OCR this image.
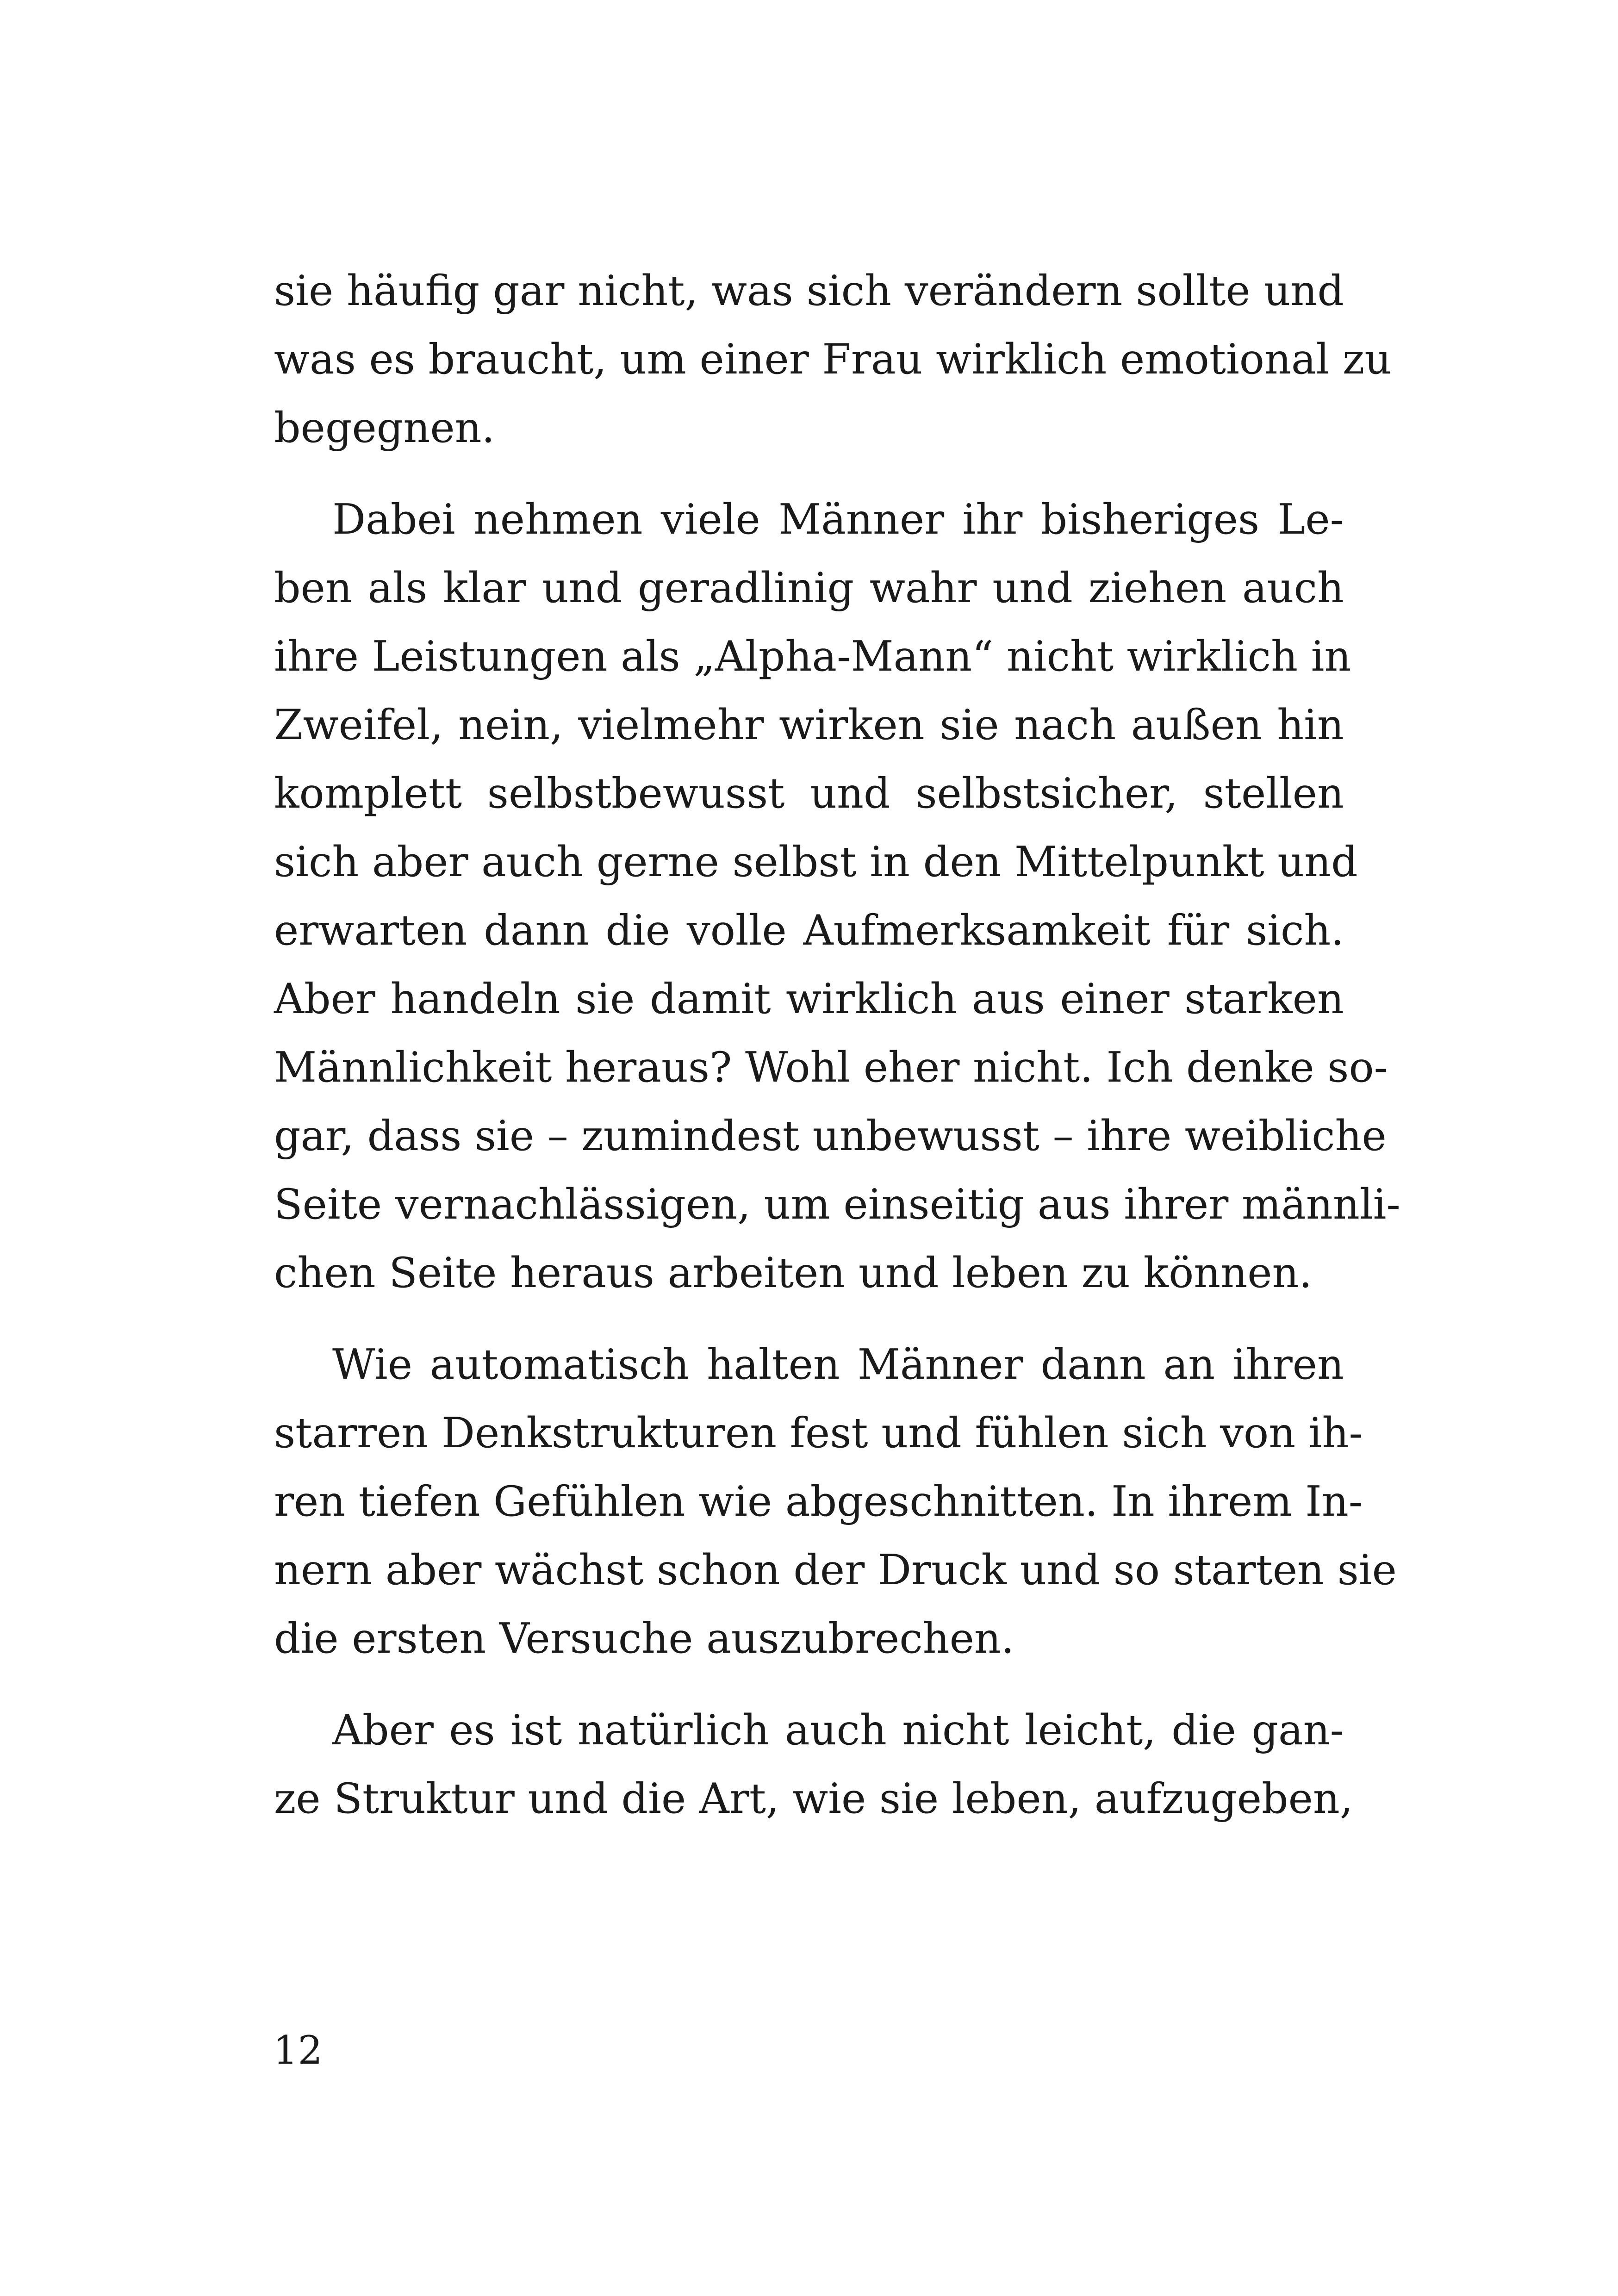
sie häufig gar nicht, was sich verändern sollte und
was es braucht, um einer Frau wirklich emotional zu
begegnen.
Dabei nehmen viele Männer ihr bisheriges Le-
ben als klar und geradlinig wahr und ziehen auch
ihre Leistungen als „Alpha-Mann“ nicht wirklich in
Zweifel, nein, vielmehr wirken sie nach außen hin
komplett selbstbewusst und selbstsicher, stellen
sich aber auch gerne selbst in den Mittelpunkt und
erwarten dann die volle Aufmerksamkeit für sich.
Aber handeln sie damit wirklich aus einer starken
Männlichkeit heraus? Wohl eher nicht. Ich denke so-
gar, dass sie – zumindest unbewusst – ihre weibliche
Seite vernachlässigen, um einseitig aus ihrer männli-
chen Seite heraus arbeiten und leben zu können.
Wie automatisch halten Männer dann an ihren
starren Denkstrukturen fest und fühlen sich von ih-
ren tiefen Gefühlen wie abgeschnitten. In ihrem In-
nern aber wächst schon der Druck und so starten sie
die ersten Versuche auszubrechen.
Aber es ist natürlich auch nicht leicht, die gan-
ze Struktur und die Art, wie sie leben, aufzugeben,
12
